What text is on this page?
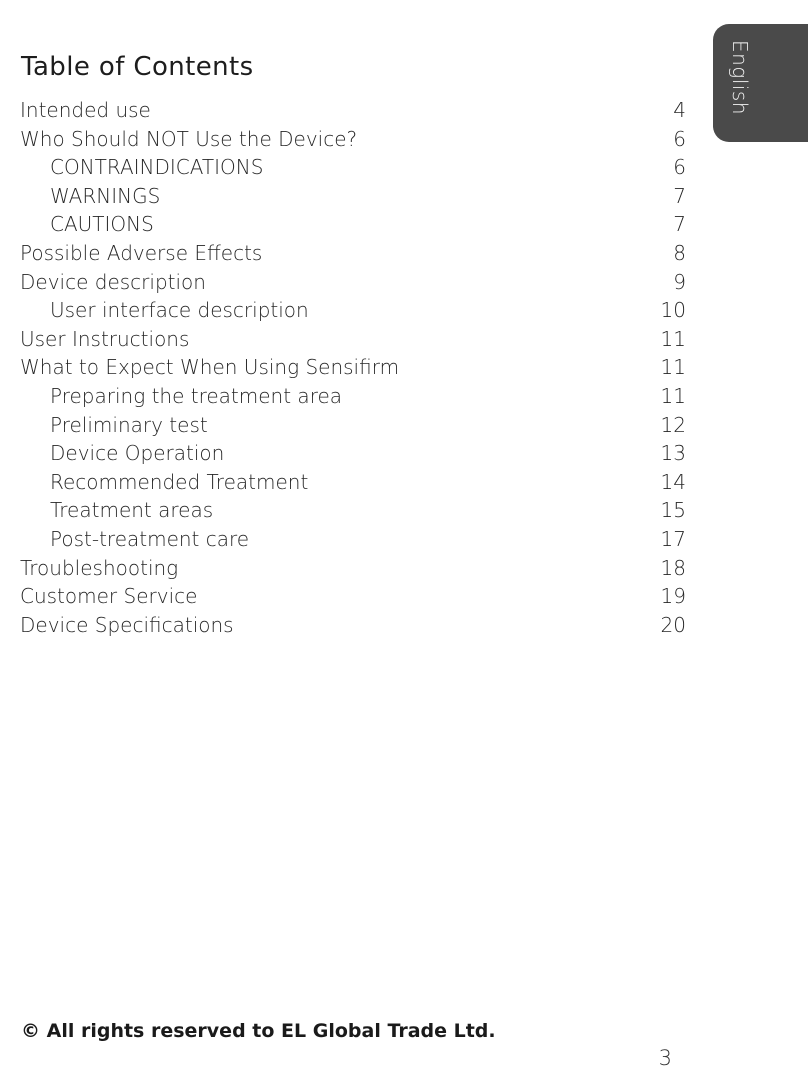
Table of Contents
Intended use	4
Who Should NOT Use the Device?	6
CONTRAINDICATIONS	6
WARNINGS	7
CAUTIONS	7
Possible Adverse Effects	8
Device description	9
User interface description	10
User Instructions	11
What to Expect When Using Sensifirm	11
Preparing the treatment area	11
Preliminary test	12
Device Operation	13
Recommended Treatment	14
Treatment areas	15
Post-treatment care	17
Troubleshooting	18
Customer Service	19
Device Specifications	20
English
© All rights reserved to EL Global Trade Ltd.
3
